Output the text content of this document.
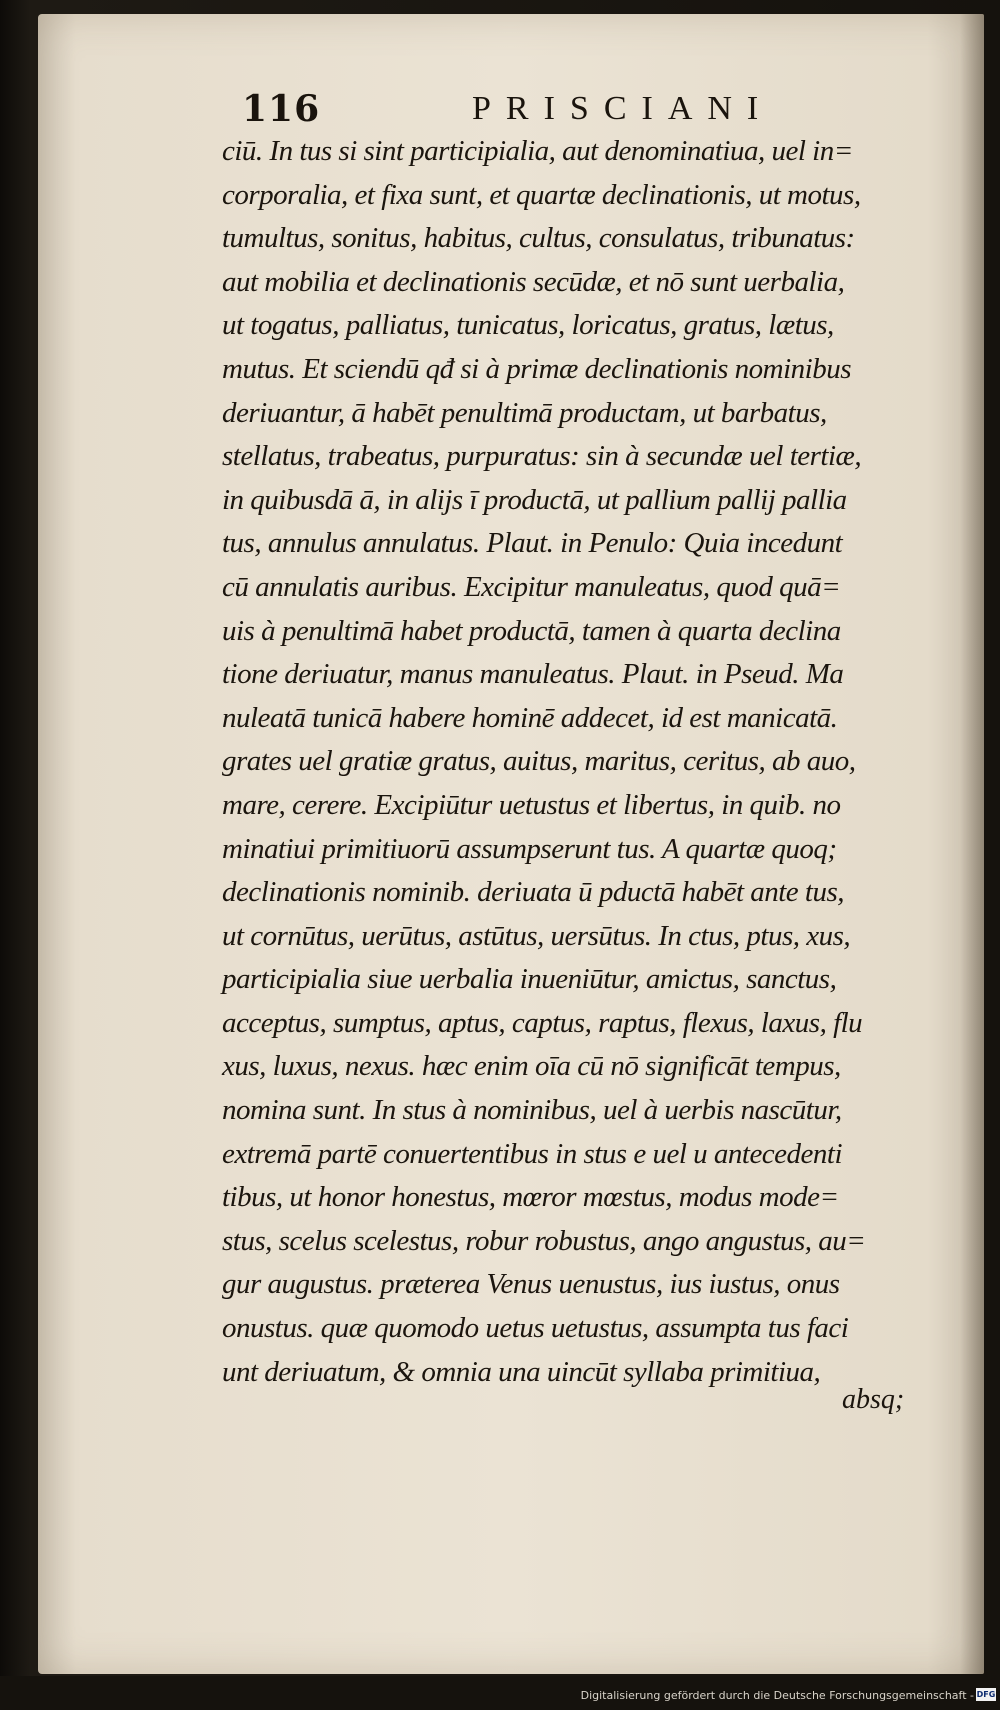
116	PRISCIANI
ciū. In tus si sint participialia, aut denominatiua, uel in=
corporalia, et fixa sunt, et quartæ declinationis, ut motus,
tumultus, sonitus, habitus, cultus, consulatus, tribunatus:
aut mobilia et declinationis secūdæ, et nō sunt uerbalia,
ut togatus, palliatus, tunicatus, loricatus, gratus, lætus,
mutus. Et sciendū qđ si à primæ declinationis nominibus
deriuantur, ā habēt penultimā productam, ut barbatus,
stellatus, trabeatus, purpuratus: sin à secundæ uel tertiæ,
in quibusdā ā, in alijs ī productā, ut pallium pallij pallia
tus, annulus annulatus. Plaut. in Penulo: Quia incedunt
cū annulatis auribus. Excipitur manuleatus, quod quā=
uis à penultimā habet productā, tamen à quarta declina
tione deriuatur, manus manuleatus. Plaut. in Pseud. Ma
nuleatā tunicā habere hominē addecet, id est manicatā.
grates uel gratiæ gratus, auitus, maritus, ceritus, ab auo,
mare, cerere. Excipiūtur uetustus et libertus, in quib. no
minatiui primitiuorū assumpserunt tus. A quartæ quoq;
declinationis nominib. deriuata ū pductā habēt ante tus,
ut cornūtus, uerūtus, astūtus, uersūtus. In ctus, ptus, xus,
participialia siue uerbalia inueniūtur, amictus, sanctus,
acceptus, sumptus, aptus, captus, raptus, flexus, laxus, flu
xus, luxus, nexus. hæc enim oīa cū nō significāt tempus,
nomina sunt. In stus à nominibus, uel à uerbis nascūtur,
extremā partē conuertentibus in stus e uel u antecedenti
tibus, ut honor honestus, mœror mœstus, modus mode=
stus, scelus scelestus, robur robustus, ango angustus, au=
gur augustus. præterea Venus uenustus, ius iustus, onus
onustus. quæ quomodo uetus uetustus, assumpta tus faci
unt deriuatum, & omnia una uincūt syllaba primitiua,
absq;
Digitalisierung gefördert durch die Deutsche Forschungsgemeinschaft - DFG
